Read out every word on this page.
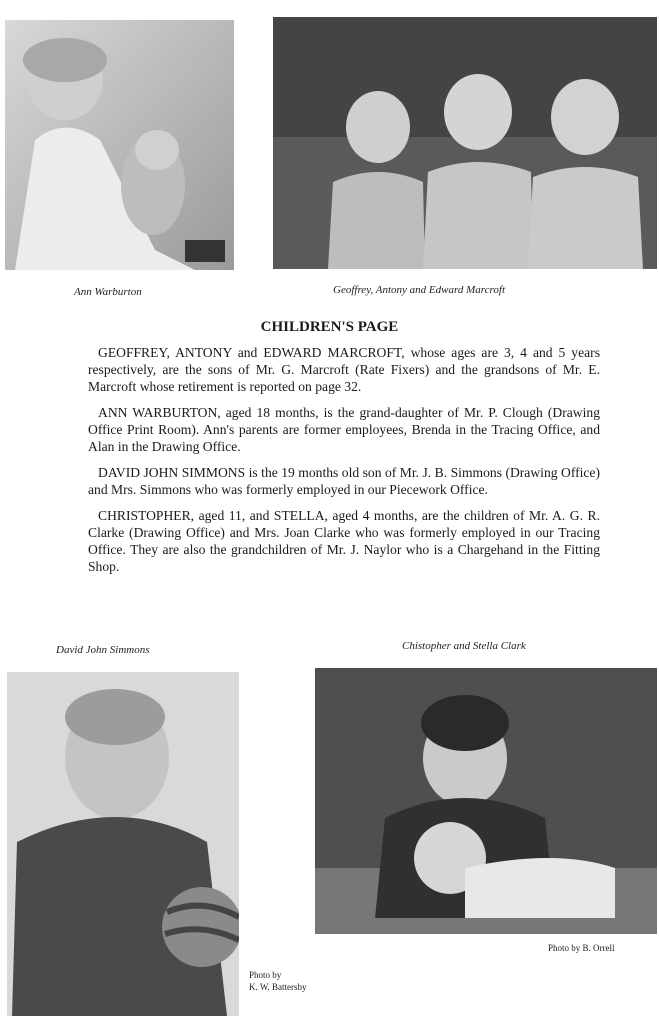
Ann Warburton	Geoffrey, Antony and Edward Marcroft
CHILDREN'S PAGE

GEOFFREY, ANTONY and EDWARD MARCROFT, whose ages are 3, 4 and 5 years respectively, are the sons of Mr. G. Marcroft (Rate Fixers) and the grandsons of Mr. E. Marcroft whose retirement is reported on page 32.

ANN WARBURTON, aged 18 months, is the grand-daughter of Mr. P. Clough (Drawing Office Print Room). Ann's parents are former employees, Brenda in the Tracing Office, and Alan in the Drawing Office.

DAVID JOHN SIMMONS is the 19 months old son of Mr. J. B. Simmons (Drawing Office) and Mrs. Simmons who was formerly employed in our Piecework Office.

CHRISTOPHER, aged 11, and STELLA, aged 4 months, are the children of Mr. A. G. R. Clarke (Drawing Office) and Mrs. Joan Clarke who was formerly employed in our Tracing Office. They are also the grandchildren of Mr. J. Naylor who is a Chargehand in the Fitting Shop.

David John Simmons	Chistopher and Stella Clark
Photo by
K. W. Battersby
Photo by B. Orrell
